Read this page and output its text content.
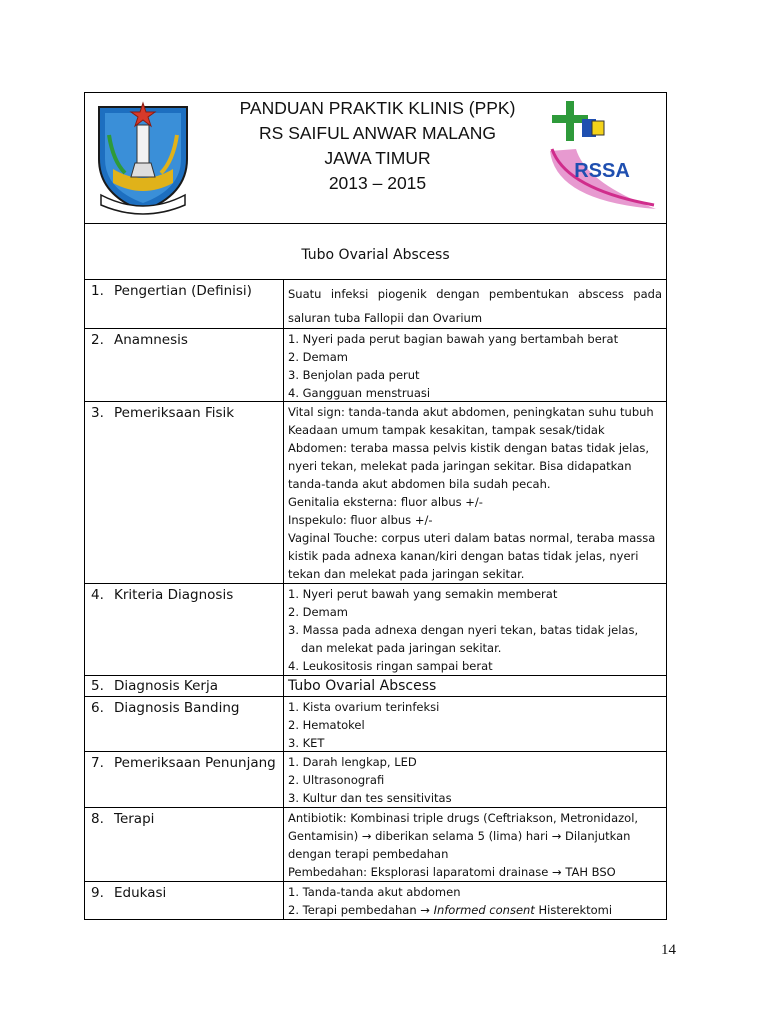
PANDUAN PRAKTIK KLINIS (PPK)
RS SAIFUL ANWAR MALANG
JAWA TIMUR
2013 – 2015
RSSA
Tubo Ovarial Abscess
1. Pengertian (Definisi)	Suatu infeksi piogenik dengan pembentukan abscess pada
saluran tuba Fallopii dan Ovarium
2. Anamnesis	1. Nyeri pada perut bagian bawah yang bertambah berat
2. Demam
3. Benjolan pada perut
4. Gangguan menstruasi
3. Pemeriksaan Fisik	Vital sign: tanda-tanda akut abdomen, peningkatan suhu tubuh
Keadaan umum tampak kesakitan, tampak sesak/tidak
Abdomen: teraba massa pelvis kistik dengan batas tidak jelas,
nyeri tekan, melekat pada jaringan sekitar. Bisa didapatkan
tanda-tanda akut abdomen bila sudah pecah.
Genitalia eksterna: fluor albus +/-
Inspekulo: fluor albus +/-
Vaginal Touche: corpus uteri dalam batas normal, teraba massa
kistik pada adnexa kanan/kiri dengan batas tidak jelas, nyeri
tekan dan melekat pada jaringan sekitar.
4. Kriteria Diagnosis	1. Nyeri perut bawah yang semakin memberat
2. Demam
3. Massa pada adnexa dengan nyeri tekan, batas tidak jelas,
dan melekat pada jaringan sekitar.
4. Leukositosis ringan sampai berat
5. Diagnosis Kerja	Tubo Ovarial Abscess
6. Diagnosis Banding	1. Kista ovarium terinfeksi
2. Hematokel
3. KET
7. Pemeriksaan Penunjang	1. Darah lengkap, LED
2. Ultrasonografi
3. Kultur dan tes sensitivitas
8. Terapi	Antibiotik: Kombinasi triple drugs (Ceftriakson, Metronidazol,
Gentamisin) → diberikan selama 5 (lima) hari → Dilanjutkan
dengan terapi pembedahan
Pembedahan: Eksplorasi laparatomi drainase → TAH BSO
9. Edukasi	1. Tanda-tanda akut abdomen
2. Terapi pembedahan → Informed consent Histerektomi
14
